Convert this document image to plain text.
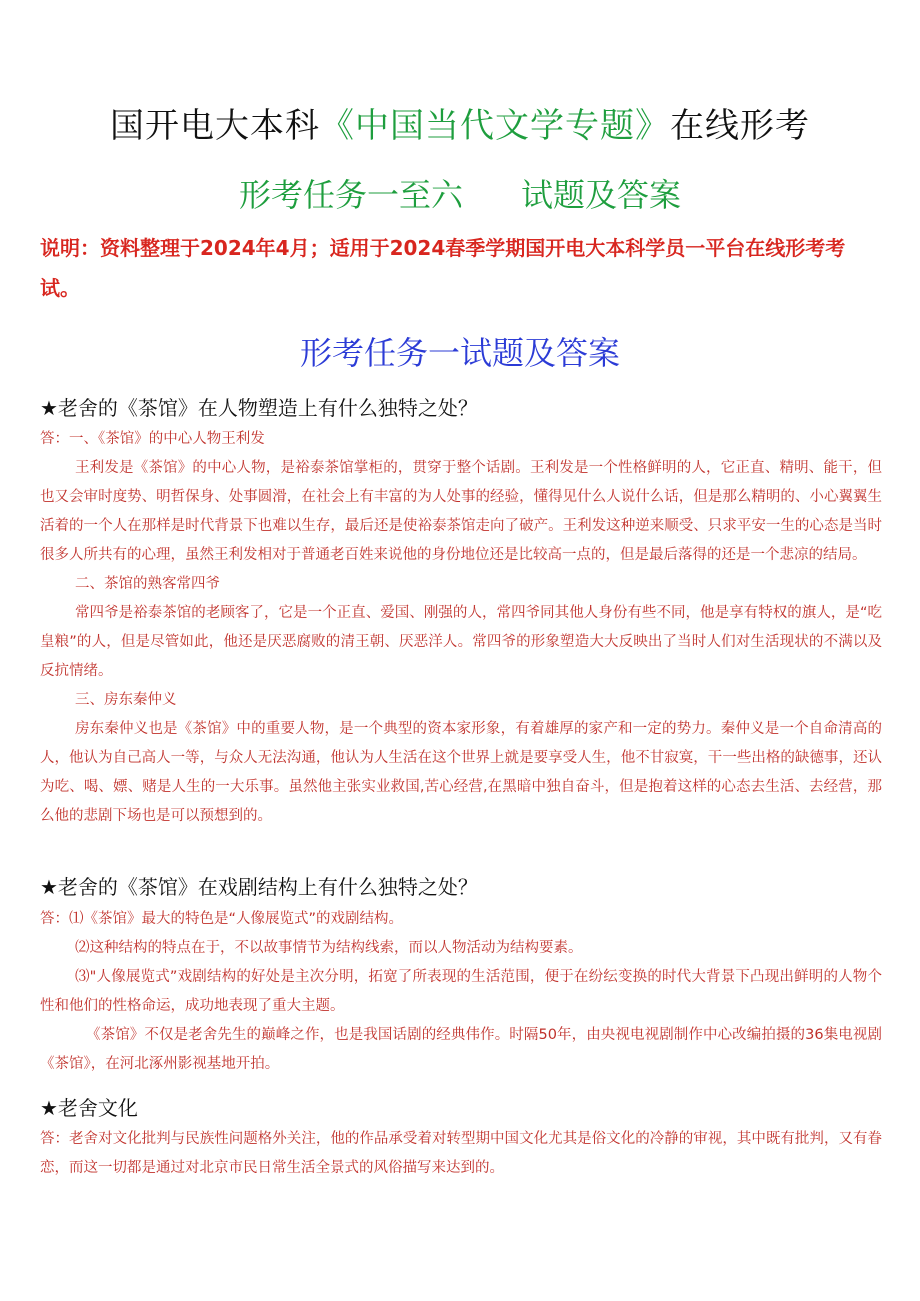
国开电大本科《中国当代文学专题》在线形考
形考任务一至六 试题及答案
说明：资料整理于2024年4月；适用于2024春季学期国开电大本科学员一平台在线形考考试。
形考任务一试题及答案
★老舍的《茶馆》在人物塑造上有什么独特之处？

答：一、《茶馆》的中心人物王利发

王利发是《茶馆》的中心人物，是裕泰茶馆掌柜的，贯穿于整个话剧。王利发是一个性格鲜明的人，它正直、精明、能干，但也又会审时度势、明哲保身、处事圆滑，在社会上有丰富的为人处事的经验，懂得见什么人说什么话，但是那么精明的、小心翼翼生活着的一个人在那样是时代背景下也难以生存，最后还是使裕泰茶馆走向了破产。王利发这种逆来顺受、只求平安一生的心态是当时很多人所共有的心理，虽然王利发相对于普通老百姓来说他的身份地位还是比较高一点的，但是最后落得的还是一个悲凉的结局。

二、茶馆的熟客常四爷

常四爷是裕泰茶馆的老顾客了，它是一个正直、爱国、刚强的人，常四爷同其他人身份有些不同，他是享有特权的旗人，是“吃皇粮”的人，但是尽管如此，他还是厌恶腐败的清王朝、厌恶洋人。常四爷的形象塑造大大反映出了当时人们对生活现状的不满以及反抗情绪。

三、房东秦仲义

房东秦仲义也是《茶馆》中的重要人物，是一个典型的资本家形象，有着雄厚的家产和一定的势力。秦仲义是一个自命清高的人，他认为自己高人一等，与众人无法沟通，他认为人生活在这个世界上就是要享受人生，他不甘寂寞，干一些出格的缺德事，还认为吃、喝、嫖、赌是人生的一大乐事。虽然他主张实业救国,苦心经营,在黑暗中独自奋斗，但是抱着这样的心态去生活、去经营，那么他的悲剧下场也是可以预想到的。

★老舍的《茶馆》在戏剧结构上有什么独特之处？

答：⑴《茶馆》最大的特色是“人像展览式”的戏剧结构。

⑵这种结构的特点在于，不以故事情节为结构线索，而以人物活动为结构要素。

⑶"人像展览式”戏剧结构的好处是主次分明，拓宽了所表现的生活范围，便于在纷纭变换的时代大背景下凸现出鲜明的人物个性和他们的性格命运，成功地表现了重大主题。

《茶馆》不仅是老舍先生的巅峰之作，也是我国话剧的经典伟作。时隔50年，由央视电视剧制作中心改编拍摄的36集电视剧《茶馆》，在河北涿州影视基地开拍。

★老舍文化

答：老舍对文化批判与民族性问题格外关注，他的作品承受着对转型期中国文化尤其是俗文化的冷静的审视，其中既有批判，又有眷恋，而这一切都是通过对北京市民日常生活全景式的风俗描写来达到的。
